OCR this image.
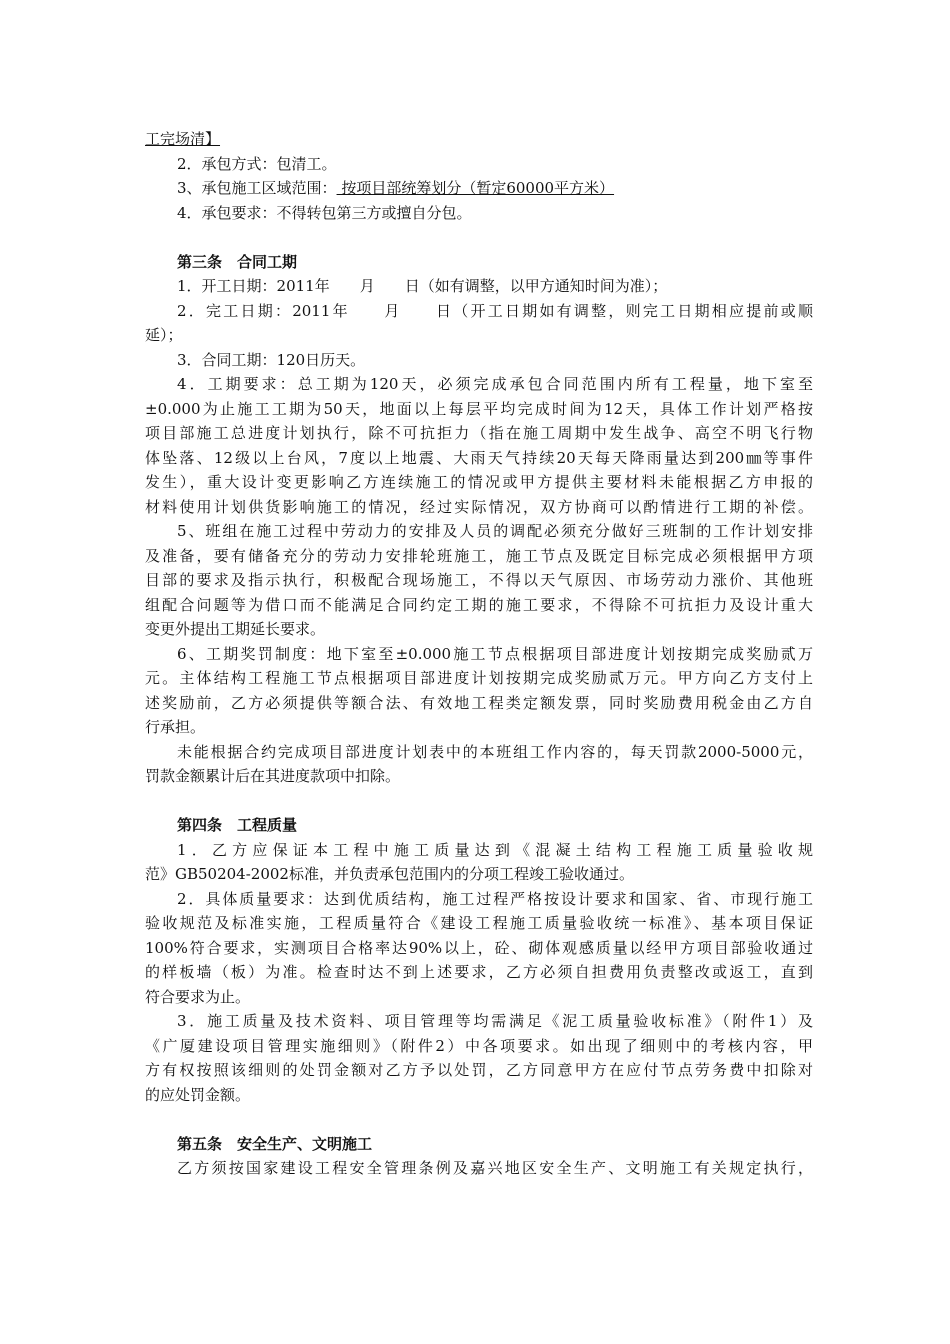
工完场清】
2．承包方式：包清工。
3、承包施工区域范围： 按项目部统筹划分（暂定60000平方米）
4．承包要求：不得转包第三方或擅自分包。
第三条　合同工期
1．开工日期：2011年　　月　　日（如有调整，以甲方通知时间为准）；
2．完工日期：2011年　　月　　日（开工日期如有调整，则完工日期相应提前或顺
延）；
3．合同工期：120日历天。
4．工期要求：总工期为120天，必须完成承包合同范围内所有工程量，地下室至
±0.000为止施工工期为50天，地面以上每层平均完成时间为12天，具体工作计划严格按
项目部施工总进度计划执行，除不可抗拒力（指在施工周期中发生战争、高空不明飞行物
体坠落、12级以上台风，7度以上地震、大雨天气持续20天每天降雨量达到200㎜等事件
发生），重大设计变更影响乙方连续施工的情况或甲方提供主要材料未能根据乙方申报的
材料使用计划供货影响施工的情况，经过实际情况，双方协商可以酌情进行工期的补偿。
5、班组在施工过程中劳动力的安排及人员的调配必须充分做好三班制的工作计划安排
及准备，要有储备充分的劳动力安排轮班施工，施工节点及既定目标完成必须根据甲方项
目部的要求及指示执行，积极配合现场施工，不得以天气原因、市场劳动力涨价、其他班
组配合问题等为借口而不能满足合同约定工期的施工要求，不得除不可抗拒力及设计重大
变更外提出工期延长要求。
6、工期奖罚制度：地下室至±0.000施工节点根据项目部进度计划按期完成奖励贰万
元。主体结构工程施工节点根据项目部进度计划按期完成奖励贰万元。甲方向乙方支付上
述奖励前，乙方必须提供等额合法、有效地工程类定额发票，同时奖励费用税金由乙方自
行承担。
未能根据合约完成项目部进度计划表中的本班组工作内容的，每天罚款2000-5000元，
罚款金额累计后在其进度款项中扣除。
第四条　工程质量
1．乙方应保证本工程中施工质量达到《混凝土结构工程施工质量验收规
范》GB50204-2002标准，并负责承包范围内的分项工程竣工验收通过。
2．具体质量要求：达到优质结构，施工过程严格按设计要求和国家、省、市现行施工
验收规范及标准实施，工程质量符合《建设工程施工质量验收统一标准》、基本项目保证
100%符合要求，实测项目合格率达90%以上，砼、砌体观感质量以经甲方项目部验收通过
的样板墙（板）为准。检查时达不到上述要求，乙方必须自担费用负责整改或返工，直到
符合要求为止。
3．施工质量及技术资料、项目管理等均需满足《泥工质量验收标准》（附件1）及
《广厦建设项目管理实施细则》（附件2）中各项要求。如出现了细则中的考核内容，甲
方有权按照该细则的处罚金额对乙方予以处罚，乙方同意甲方在应付节点劳务费中扣除对
的应处罚金额。
第五条　安全生产、文明施工
乙方须按国家建设工程安全管理条例及嘉兴地区安全生产、文明施工有关规定执行，
